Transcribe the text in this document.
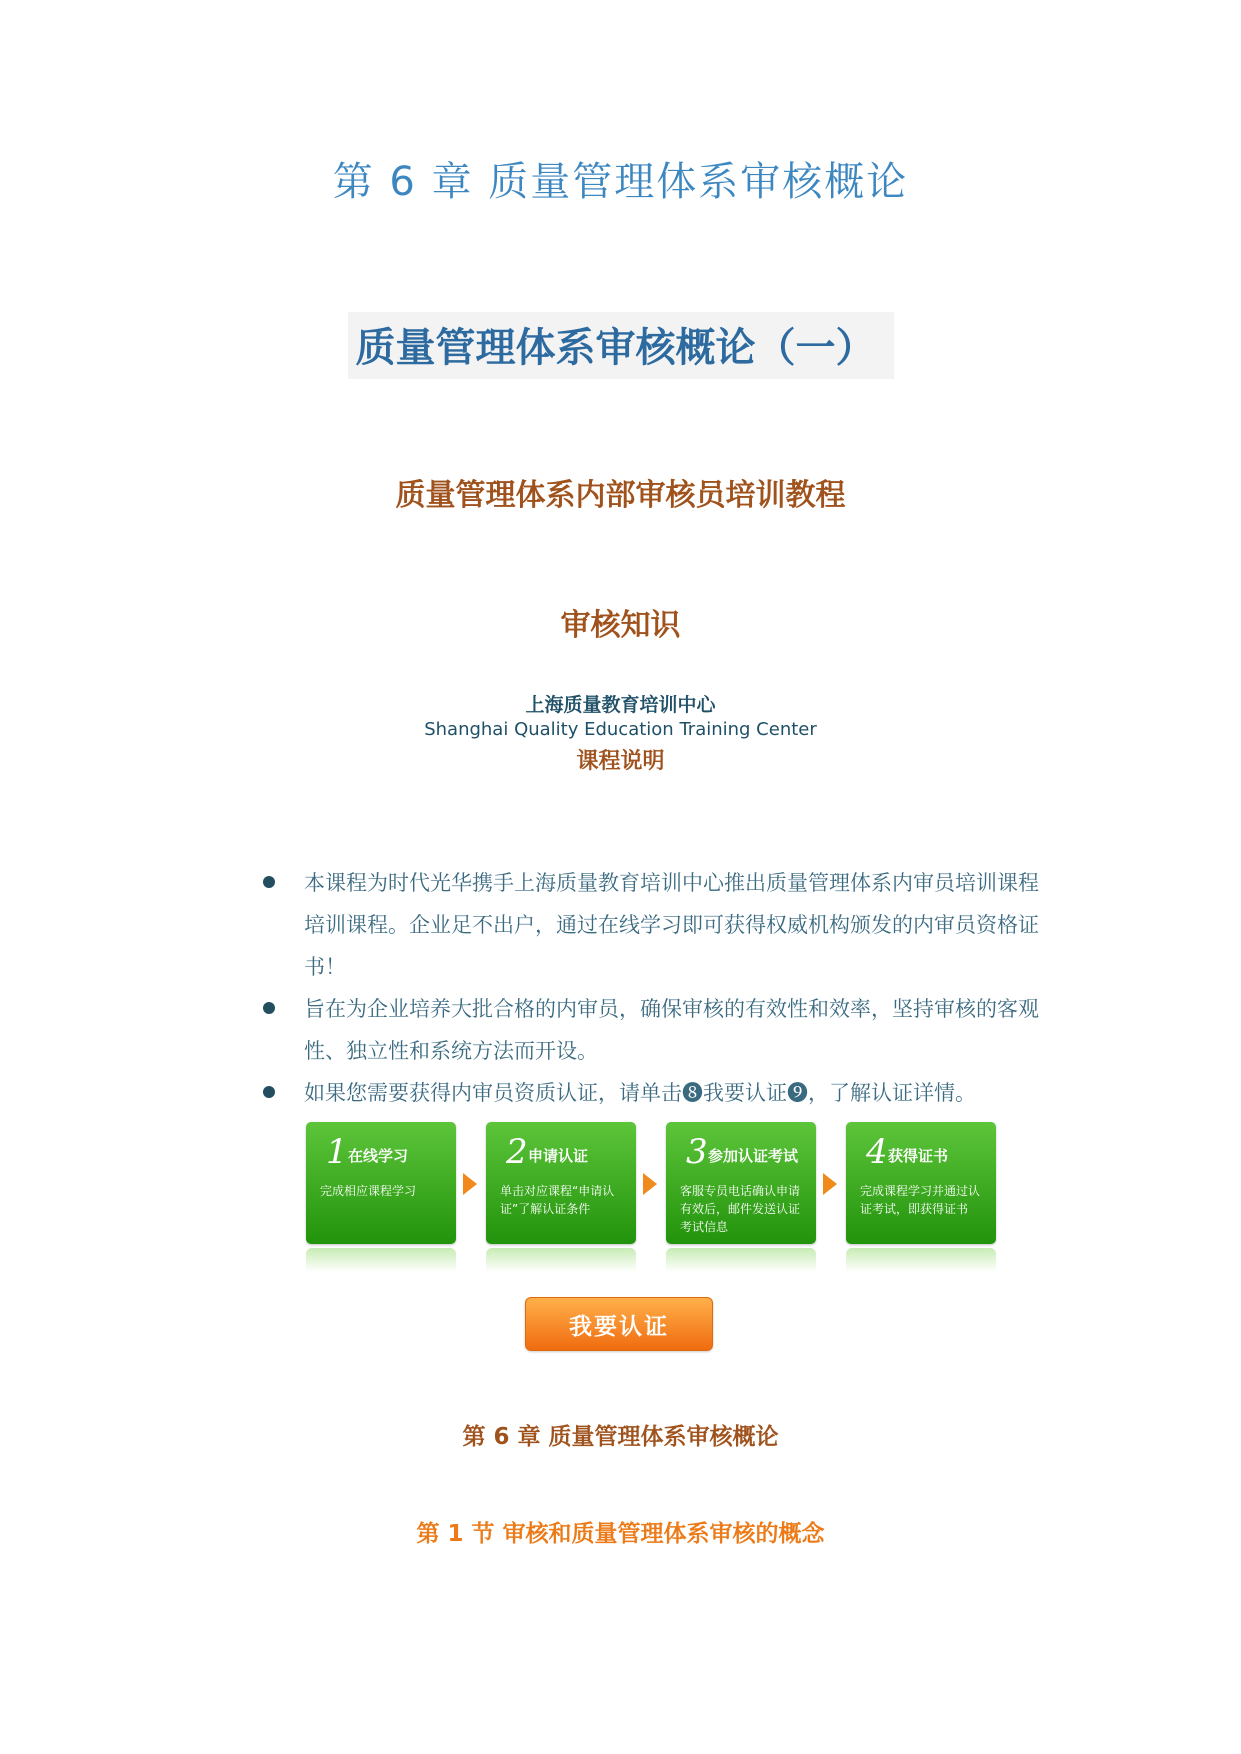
第 6 章 质量管理体系审核概论
质量管理体系审核概论（一）
质量管理体系内部审核员培训教程
审核知识
上海质量教育培训中心
Shanghai Quality Education Training Center
课程说明
本课程为时代光华携手上海质量教育培训中心推出质量管理体系内审员培训课程培训课程。企业足不出户，通过在线学习即可获得权威机构颁发的内审员资格证书！
旨在为企业培养大批合格的内审员，确保审核的有效性和效率，坚持审核的客观性、独立性和系统方法而开设。
如果您需要获得内审员资质认证，请单击❽我要认证❾，了解认证详情。
1 在线学习
完成相应课程学习
2 申请认证
单击对应课程“申请认证”了解认证条件
3 参加认证考试
客服专员电话确认申请有效后，邮件发送认证考试信息
4 获得证书
完成课程学习并通过认证考试，即获得证书
我要认证
第 6 章 质量管理体系审核概论
第 1 节 审核和质量管理体系审核的概念
